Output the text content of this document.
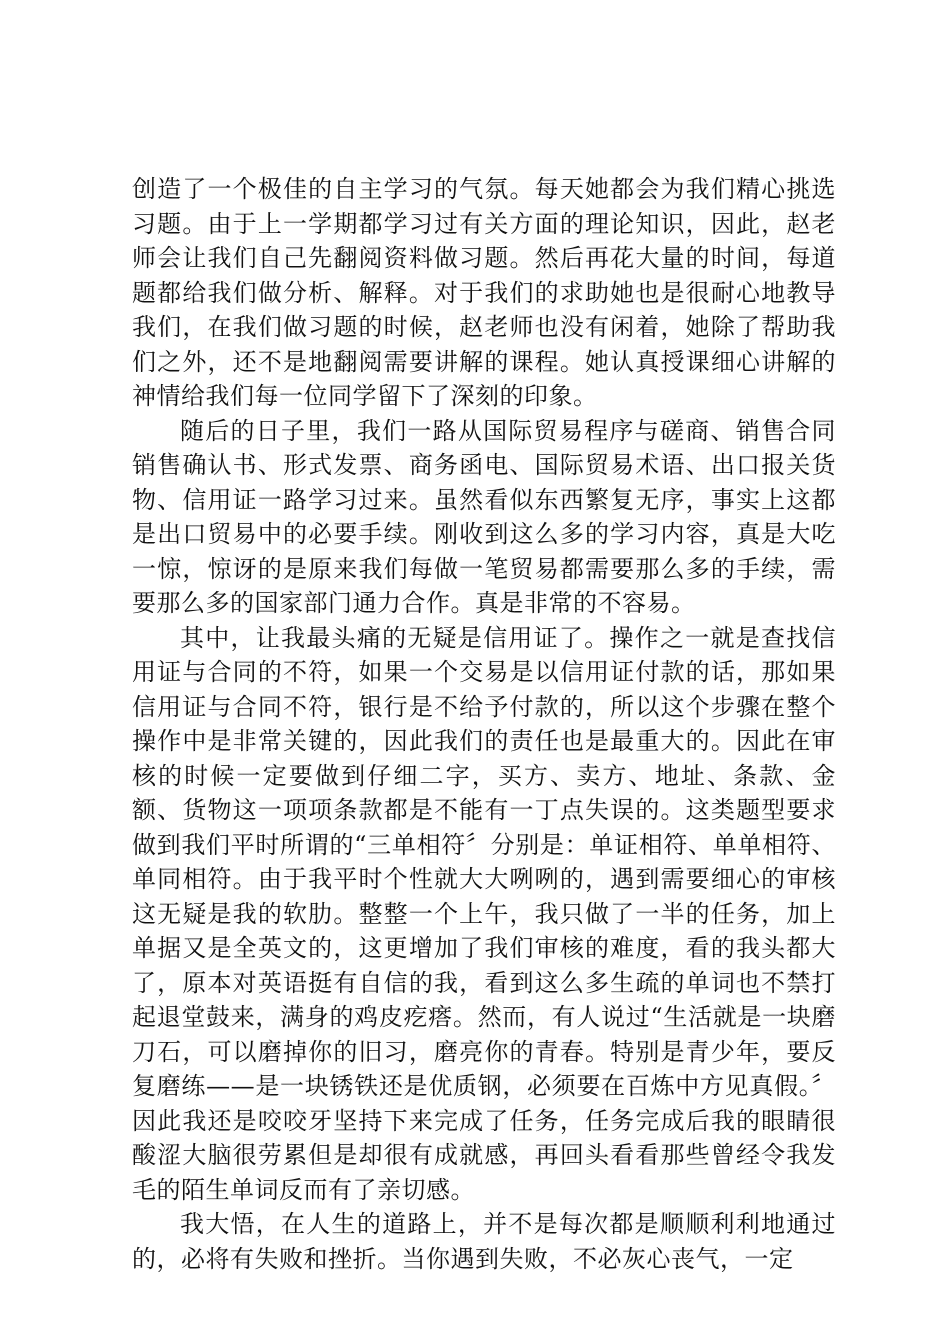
创造了一个极佳的自主学习的气氛。每天她都会为我们精心挑选习题。由于上一学期都学习过有关方面的理论知识，因此，赵老师会让我们自己先翻阅资料做习题。然后再花大量的时间，每道题都给我们做分析、解释。对于我们的求助她也是很耐心地教导我们，在我们做习题的时候，赵老师也没有闲着，她除了帮助我们之外，还不是地翻阅需要讲解的课程。她认真授课细心讲解的神情给我们每一位同学留下了深刻的印象。

随后的日子里，我们一路从国际贸易程序与磋商、销售合同销售确认书、形式发票、商务函电、国际贸易术语、出口报关货物、信用证一路学习过来。虽然看似东西繁复无序，事实上这都是出口贸易中的必要手续。刚收到这么多的学习内容，真是大吃一惊，惊讶的是原来我们每做一笔贸易都需要那么多的手续，需要那么多的国家部门通力合作。真是非常的不容易。

其中，让我最头痛的无疑是信用证了。操作之一就是查找信用证与合同的不符，如果一个交易是以信用证付款的话，那如果信用证与合同不符，银行是不给予付款的，所以这个步骤在整个操作中是非常关键的，因此我们的责任也是最重大的。因此在审核的时候一定要做到仔细二字，买方、卖方、地址、条款、金额、货物这一项项条款都是不能有一丁点失误的。这类题型要求做到我们平时所谓的“三单相符〞分别是：单证相符、单单相符、单同相符。由于我平时个性就大大咧咧的，遇到需要细心的审核这无疑是我的软肋。整整一个上午，我只做了一半的任务，加上单据又是全英文的，这更增加了我们审核的难度，看的我头都大了，原本对英语挺有自信的我，看到这么多生疏的单词也不禁打起退堂鼓来，满身的鸡皮疙瘩。然而，有人说过“生活就是一块磨刀石，可以磨掉你的旧习，磨亮你的青春。特别是青少年，要反复磨练——是一块锈铁还是优质钢，必须要在百炼中方见真假。〞因此我还是咬咬牙坚持下来完成了任务，任务完成后我的眼睛很酸涩大脑很劳累但是却很有成就感，再回头看看那些曾经令我发毛的陌生单词反而有了亲切感。

我大悟，在人生的道路上，并不是每次都是顺顺利利地通过的，必将有失败和挫折。当你遇到失败，不必灰心丧气，一定
